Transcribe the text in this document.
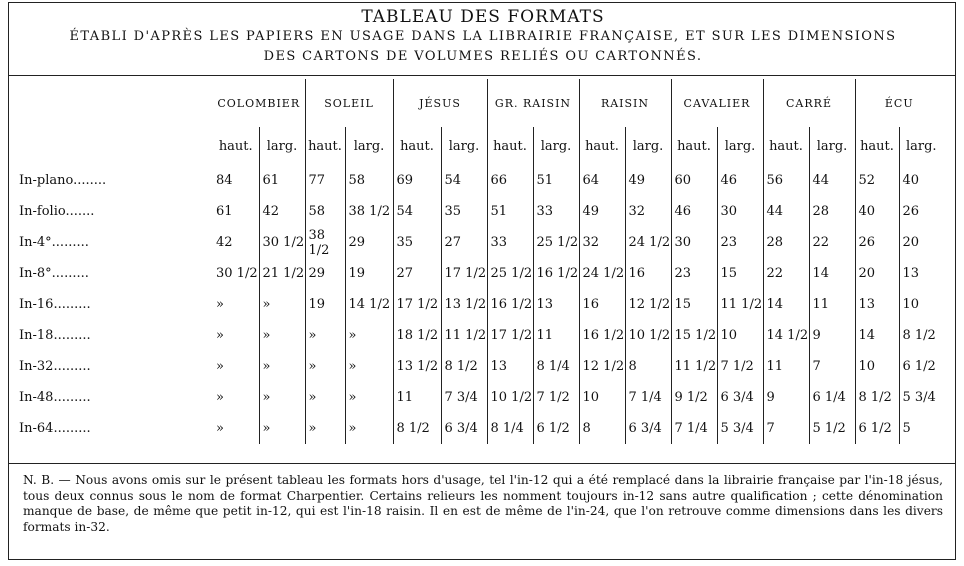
TABLEAU DES FORMATS
ÉTABLI D'APRÈS LES PAPIERS EN USAGE DANS LA LIBRAIRIE FRANÇAISE, ET SUR LES DIMENSIONS
DES CARTONS DE VOLUMES RELIÉS OU CARTONNÉS.
	COLOMBIER		SOLEIL		JÉSUS		GR. RAISIN		RAISIN		CAVALIER		CARRÉ		ÉCU	
	haut.	larg.	haut.	larg.	haut.	larg.	haut.	larg.	haut.	larg.	haut.	larg.	haut.	larg.	haut.	larg.
In-plano........	84	61	77	58	69	54	66	51	64	49	60	46	56	44	52	40
In-folio.......	61	42	58	38 1/2	54	35	51	33	49	32	46	30	44	28	40	26
In-4°.........	42	30 1/2	38 1/2	29	35	27	33	25 1/2	32	24 1/2	30	23	28	22	26	20
In-8°.........	30 1/2	21 1/2	29	19	27	17 1/2	25 1/2	16 1/2	24 1/2	16	23	15	22	14	20	13
In-16.........	»	»	19	14 1/2	17 1/2	13 1/2	16 1/2	13	16	12 1/2	15	11 1/2	14	11	13	10
In-18.........	»	»	»	»	18 1/2	11 1/2	17 1/2	11	16 1/2	10 1/2	15 1/2	10	14 1/2	9	14	8 1/2
In-32.........	»	»	»	»	13 1/2	8 1/2	13	8 1/4	12 1/2	8	11 1/2	7 1/2	11	7	10	6 1/2
In-48.........	»	»	»	»	11	7 3/4	10 1/2	7 1/2	10	7 1/4	9 1/2	6 3/4	9	6 1/4	8 1/2	5 3/4
In-64.........	»	»	»	»	8 1/2	6 3/4	8 1/4	6 1/2	8	6 3/4	7 1/4	5 3/4	7	5 1/2	6 1/2	5
N. B. — Nous avons omis sur le présent tableau les formats hors d'usage, tel l'in-12 qui a été remplacé dans la librairie française par l'in-18 jésus, tous deux connus sous le nom de format Charpentier. Certains relieurs les nomment toujours in-12 sans autre qualification ; cette dénomination manque de base, de même que petit in-12, qui est l'in-18 raisin. Il en est de même de l'in-24, que l'on retrouve comme dimensions dans les divers formats in-32.
